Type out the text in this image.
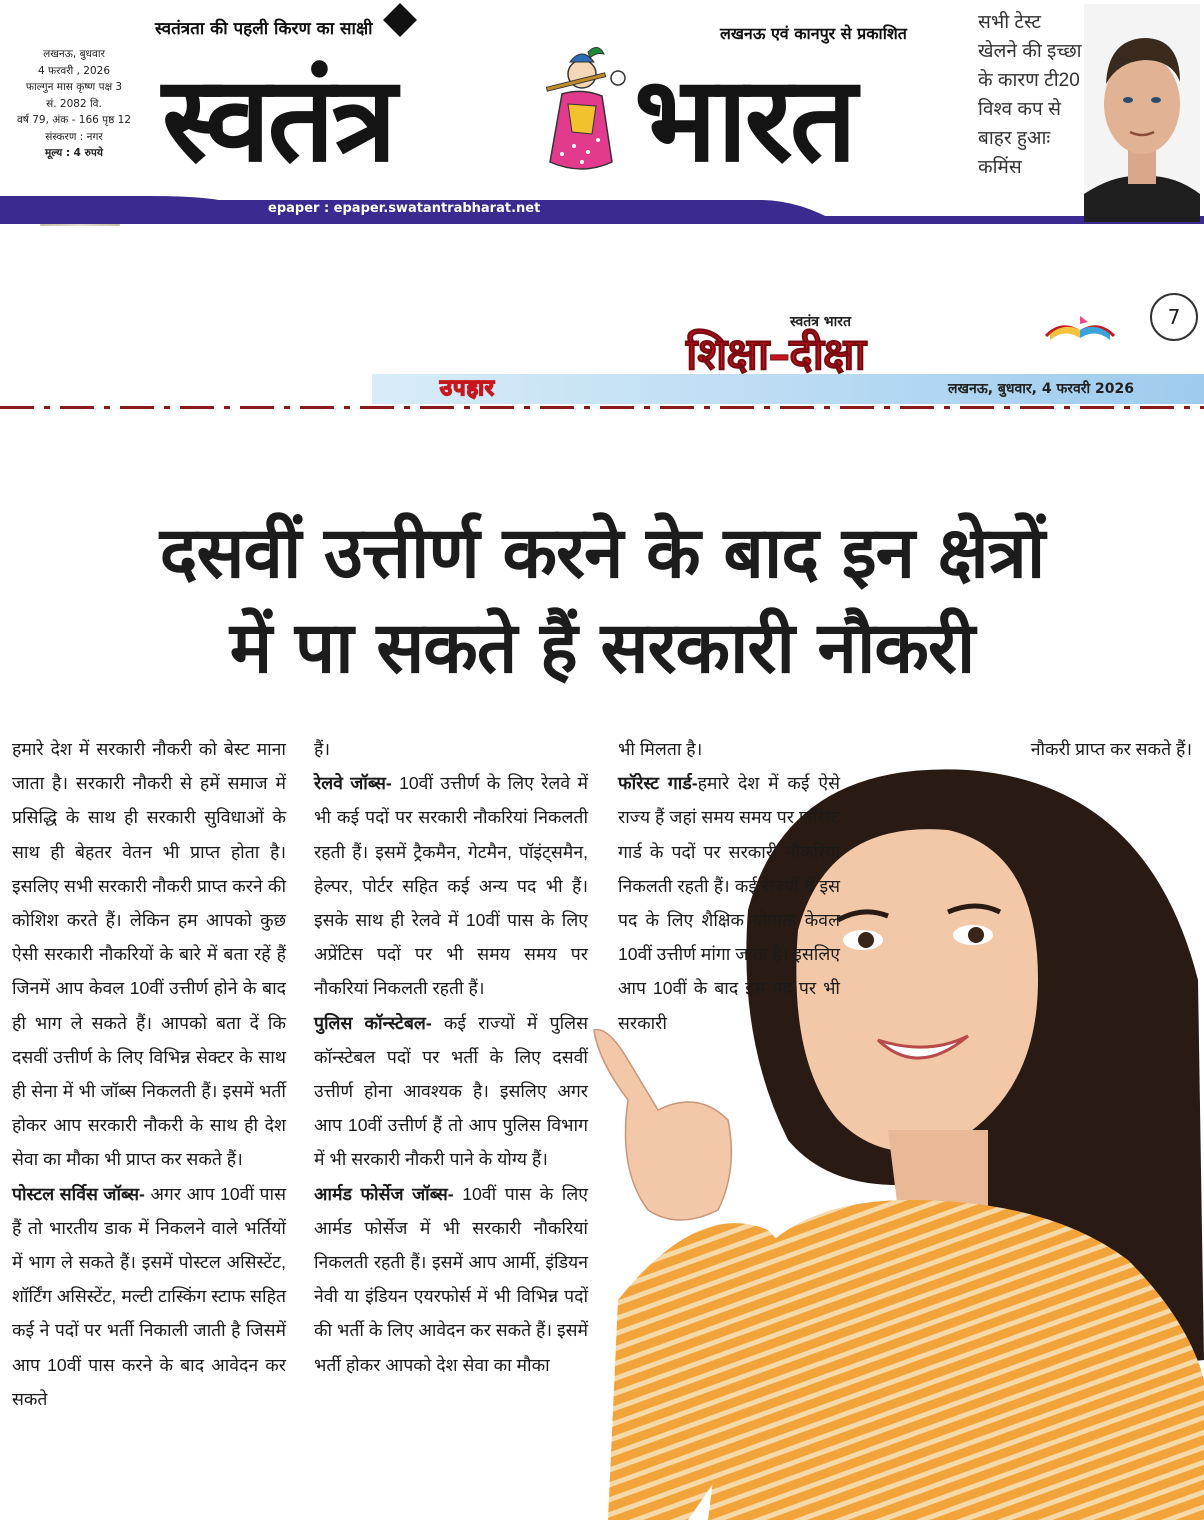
लखनऊ, बुधवार
4 फरवरी , 2026
फाल्गुन मास कृष्ण पक्ष 3
सं. 2082 वि.
वर्ष 79, अंक - 166 पृष्ठ 12
संस्करण : नगर
मूल्य : 4 रुपये
स्वतंत्रता की पहली किरण का साक्षी	लखनऊ एवं कानपुर से प्रकाशित
स्वतंत्र भारत
epaper : epaper.swatantrabharat.net
सभी टेस्ट खेलने की इच्छा के कारण टी20 विश्व कप से बाहर हुआः कमिंस
7
स्वतंत्र भारत
शिक्षा–दीक्षा
उपहार	लखनऊ, बुधवार, 4 फरवरी 2026
दसवीं उत्तीर्ण करने के बाद इन क्षेत्रों
में पा सकते हैं सरकारी नौकरी

हमारे देश में सरकारी नौकरी को बेस्ट माना जाता है। सरकारी नौकरी से हमें समाज में प्रसिद्धि के साथ ही सरकारी सुविधाओं के साथ ही बेहतर वेतन भी प्राप्त होता है। इसलिए सभी सरकारी नौकरी प्राप्त करने की कोशिश करते हैं। लेकिन हम आपको कुछ ऐसी सरकारी नौकरियों के बारे में बता रहें हैं जिनमें आप केवल 10वीं उत्तीर्ण होने के बाद ही भाग ले सकते हैं। आपको बता दें कि दसवीं उत्तीर्ण के लिए विभिन्न सेक्टर के साथ ही सेना में भी जॉब्स निकलती हैं। इसमें भर्ती होकर आप सरकारी नौकरी के साथ ही देश सेवा का मौका भी प्राप्त कर सकते हैं।

पोस्टल सर्विस जॉब्स- अगर आप 10वीं पास हैं तो भारतीय डाक में निकलने वाले भर्तियों में भाग ले सकते हैं। इसमें पोस्टल असिस्टेंट, शॉर्टिंग असिस्टेंट, मल्टी टास्किंग स्टाफ सहित कई ने पदों पर भर्ती निकाली जाती है जिसमें आप 10वीं पास करने के बाद आवेदन कर सकते

हैं।

रेलवे जॉब्स- 10वीं उत्तीर्ण के लिए रेलवे में भी कई पदों पर सरकारी नौकरियां निकलती रहती हैं। इसमें ट्रैकमैन, गेटमैन, पॉइंट्समैन, हेल्पर, पोर्टर सहित कई अन्य पद भी हैं। इसके साथ ही रेलवे में 10वीं पास के लिए अप्रेंटिस पदों पर भी समय समय पर नौकरियां निकलती रहती हैं।

पुलिस कॉन्स्टेबल- कई राज्यों में पुलिस कॉन्स्टेबल पदों पर भर्ती के लिए दसवीं उत्तीर्ण होना आवश्यक है। इसलिए अगर आप 10वीं उत्तीर्ण हैं तो आप पुलिस विभाग में भी सरकारी नौकरी पाने के योग्य हैं।

आर्मड फोर्सेज जॉब्स- 10वीं पास के लिए आर्मड फोर्सेज में भी सरकारी नौकरियां निकलती रहती हैं। इसमें आप आर्मी, इंडियन नेवी या इंडियन एयरफोर्स में भी विभिन्न पदों की भर्ती के लिए आवेदन कर सकते हैं। इसमें भर्ती होकर आपको देश सेवा का मौका

भी मिलता है।

फॉरेस्ट गार्ड-हमारे देश में कई ऐसे राज्य हैं जहां समय समय पर फॉरेस्ट गार्ड के पदों पर सरकारी नौकरियां निकलती रहती हैं। कई राज्यों में इस पद के लिए शैक्षिक योग्यता केवल 10वीं उत्तीर्ण मांगा जाता है। इसलिए आप 10वीं के बाद इस पद पर भी सरकारी

नौकरी प्राप्त कर सकते हैं।
